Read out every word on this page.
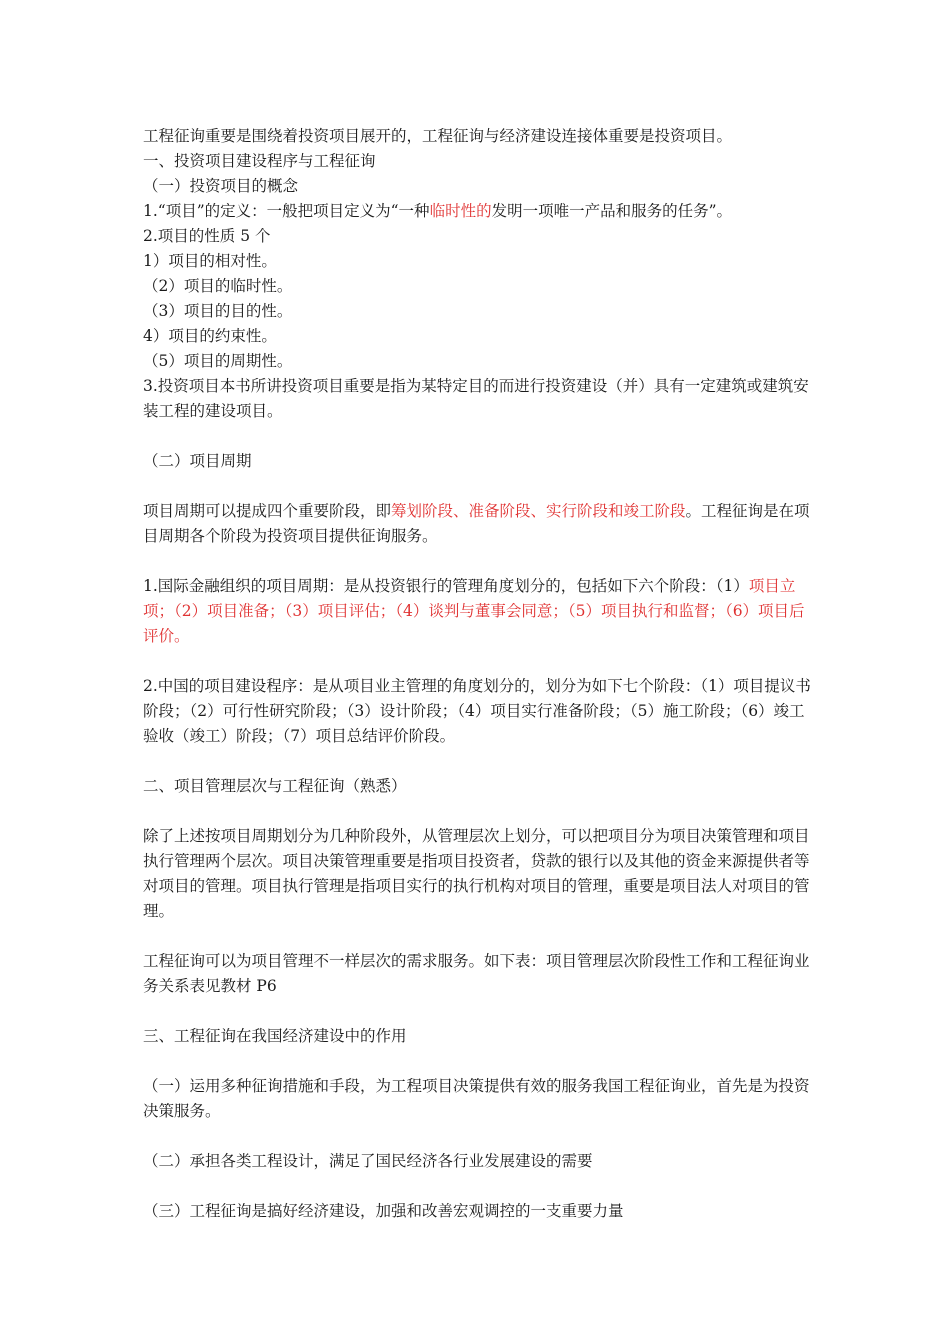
工程征询重要是围绕着投资项目展开的，工程征询与经济建设连接体重要是投资项目。
一、投资项目建设程序与工程征询
（一）投资项目的概念
1.“项目”的定义：一般把项目定义为“一种临时性的发明一项唯一产品和服务的任务”。
2.项目的性质 5 个
1）项目的相对性。
（2）项目的临时性。
（3）项目的目的性。
4）项目的约束性。
（5）项目的周期性。
3.投资项目本书所讲投资项目重要是指为某特定目的而进行投资建设（并）具有一定建筑或建筑安装工程的建设项目。
（二）项目周期
项目周期可以提成四个重要阶段，即筹划阶段、准备阶段、实行阶段和竣工阶段。工程征询是在项目周期各个阶段为投资项目提供征询服务。
1.国际金融组织的项目周期：是从投资银行的管理角度划分的，包括如下六个阶段：（1）项目立项；（2）项目准备；（3）项目评估；（4）谈判与董事会同意；（5）项目执行和监督；（6）项目后评价。
2.中国的项目建设程序：是从项目业主管理的角度划分的，划分为如下七个阶段：（1）项目提议书阶段；（2）可行性研究阶段；（3）设计阶段；（4）项目实行准备阶段；（5）施工阶段；（6）竣工验收（竣工）阶段；（7）项目总结评价阶段。
二、项目管理层次与工程征询（熟悉）
除了上述按项目周期划分为几种阶段外，从管理层次上划分，可以把项目分为项目决策管理和项目执行管理两个层次。项目决策管理重要是指项目投资者，贷款的银行以及其他的资金来源提供者等对项目的管理。项目执行管理是指项目实行的执行机构对项目的管理，重要是项目法人对项目的管理。
工程征询可以为项目管理不一样层次的需求服务。如下表：项目管理层次阶段性工作和工程征询业务关系表见教材 P6
三、工程征询在我国经济建设中的作用
（一）运用多种征询措施和手段，为工程项目决策提供有效的服务我国工程征询业，首先是为投资决策服务。
（二）承担各类工程设计，满足了国民经济各行业发展建设的需要
（三）工程征询是搞好经济建设，加强和改善宏观调控的一支重要力量
